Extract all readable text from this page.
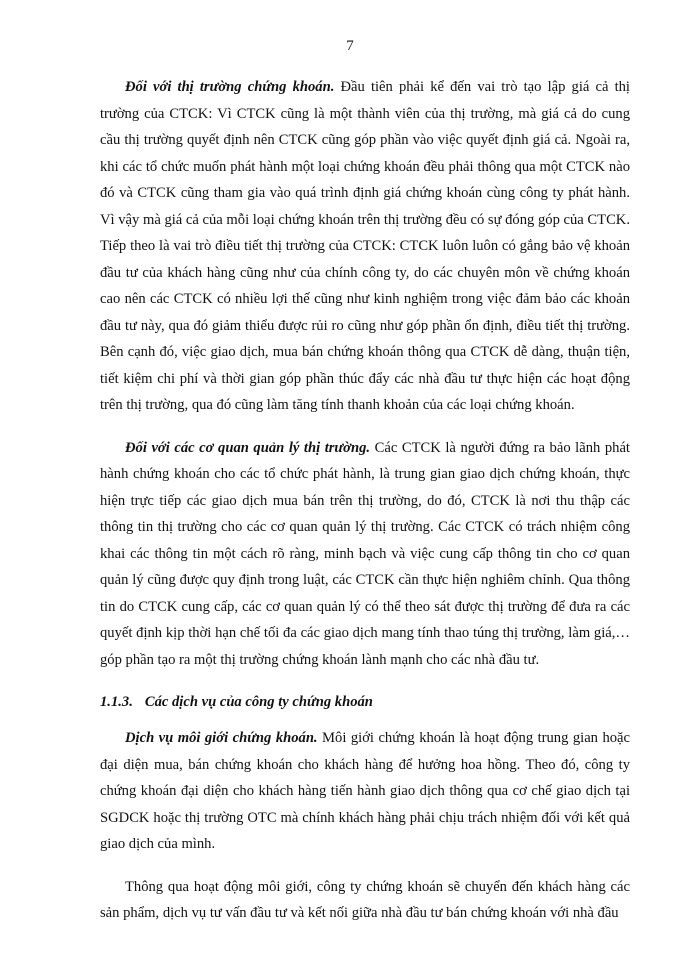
7

Đối với thị trường chứng khoán. Đầu tiên phải kể đến vai trò tạo lập giá cả thị trường của CTCK: Vì CTCK cũng là một thành viên của thị trường, mà giá cả do cung cầu thị trường quyết định nên CTCK cũng góp phần vào việc quyết định giá cả. Ngoài ra, khi các tổ chức muốn phát hành một loại chứng khoán đều phải thông qua một CTCK nào đó và CTCK cũng tham gia vào quá trình định giá chứng khoán cùng công ty phát hành. Vì vậy mà giá cả của mỗi loại chứng khoán trên thị trường đều có sự đóng góp của CTCK. Tiếp theo là vai trò điều tiết thị trường của CTCK: CTCK luôn luôn có gắng bảo vệ khoản đầu tư của khách hàng cũng như của chính công ty, do các chuyên môn về chứng khoán cao nên các CTCK có nhiều lợi thế cũng như kinh nghiệm trong việc đảm bảo các khoản đầu tư này, qua đó giảm thiểu được rủi ro cũng như góp phần ổn định, điều tiết thị trường. Bên cạnh đó, việc giao dịch, mua bán chứng khoán thông qua CTCK dễ dàng, thuận tiện, tiết kiệm chi phí và thời gian góp phần thúc đẩy các nhà đầu tư thực hiện các hoạt động trên thị trường, qua đó cũng làm tăng tính thanh khoản của các loại chứng khoán.

Đối với các cơ quan quản lý thị trường. Các CTCK là người đứng ra bảo lãnh phát hành chứng khoán cho các tổ chức phát hành, là trung gian giao dịch chứng khoán, thực hiện trực tiếp các giao dịch mua bán trên thị trường, do đó, CTCK là nơi thu thập các thông tin thị trường cho các cơ quan quản lý thị trường. Các CTCK có trách nhiệm công khai các thông tin một cách rõ ràng, minh bạch và việc cung cấp thông tin cho cơ quan quản lý cũng được quy định trong luật, các CTCK cần thực hiện nghiêm chỉnh. Qua thông tin do CTCK cung cấp, các cơ quan quản lý có thể theo sát được thị trường để đưa ra các quyết định kịp thời hạn chế tối đa các giao dịch mang tính thao túng thị trường, làm giá,… góp phần tạo ra một thị trường chứng khoán lành mạnh cho các nhà đầu tư.

1.1.3. Các dịch vụ của công ty chứng khoán

Dịch vụ môi giới chứng khoán. Môi giới chứng khoán là hoạt động trung gian hoặc đại diện mua, bán chứng khoán cho khách hàng để hưởng hoa hồng. Theo đó, công ty chứng khoán đại diện cho khách hàng tiến hành giao dịch thông qua cơ chế giao dịch tại SGDCK hoặc thị trường OTC mà chính khách hàng phải chịu trách nhiệm đối với kết quả giao dịch của mình.

Thông qua hoạt động môi giới, công ty chứng khoán sẽ chuyển đến khách hàng các sản phẩm, dịch vụ tư vấn đầu tư và kết nối giữa nhà đầu tư bán chứng khoán với nhà đầu
